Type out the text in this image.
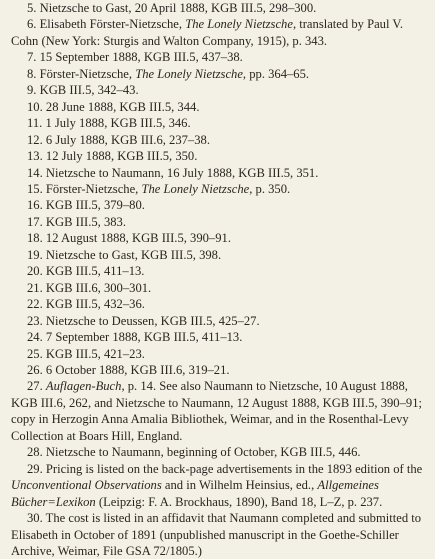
5. Nietzsche to Gast, 20 April 1888, KGB III.5, 298–300.
6. Elisabeth Förster-Nietzsche, The Lonely Nietzsche, translated by Paul V. Cohn (New York: Sturgis and Walton Company, 1915), p. 343.
7. 15 September 1888, KGB III.5, 437–38.
8. Förster-Nietzsche, The Lonely Nietzsche, pp. 364–65.
9. KGB III.5, 342–43.
10. 28 June 1888, KGB III.5, 344.
11. 1 July 1888, KGB III.5, 346.
12. 6 July 1888, KGB III.6, 237–38.
13. 12 July 1888, KGB III.5, 350.
14. Nietzsche to Naumann, 16 July 1888, KGB III.5, 351.
15. Förster-Nietzsche, The Lonely Nietzsche, p. 350.
16. KGB III.5, 379–80.
17. KGB III.5, 383.
18. 12 August 1888, KGB III.5, 390–91.
19. Nietzsche to Gast, KGB III.5, 398.
20. KGB III.5, 411–13.
21. KGB III.6, 300–301.
22. KGB III.5, 432–36.
23. Nietzsche to Deussen, KGB III.5, 425–27.
24. 7 September 1888, KGB III.5, 411–13.
25. KGB III.5, 421–23.
26. 6 October 1888, KGB III.6, 319–21.
27. Auflagen-Buch, p. 14. See also Naumann to Nietzsche, 10 August 1888, KGB III.6, 262, and Nietzsche to Naumann, 12 August 1888, KGB III.5, 390–91; copy in Herzogin Anna Amalia Bibliothek, Weimar, and in the Rosenthal-Levy Collection at Boars Hill, England.
28. Nietzsche to Naumann, beginning of October, KGB III.5, 446.
29. Pricing is listed on the back-page advertisements in the 1893 edition of the Unconventional Observations and in Wilhelm Heinsius, ed., Allgemeines Bücher=Lexikon (Leipzig: F. A. Brockhaus, 1890), Band 18, L–Z, p. 237.
30. The cost is listed in an affidavit that Naumann completed and submitted to Elisabeth in October of 1891 (unpublished manuscript in the Goethe-Schiller Archive, Weimar, File GSA 72/1805.)
